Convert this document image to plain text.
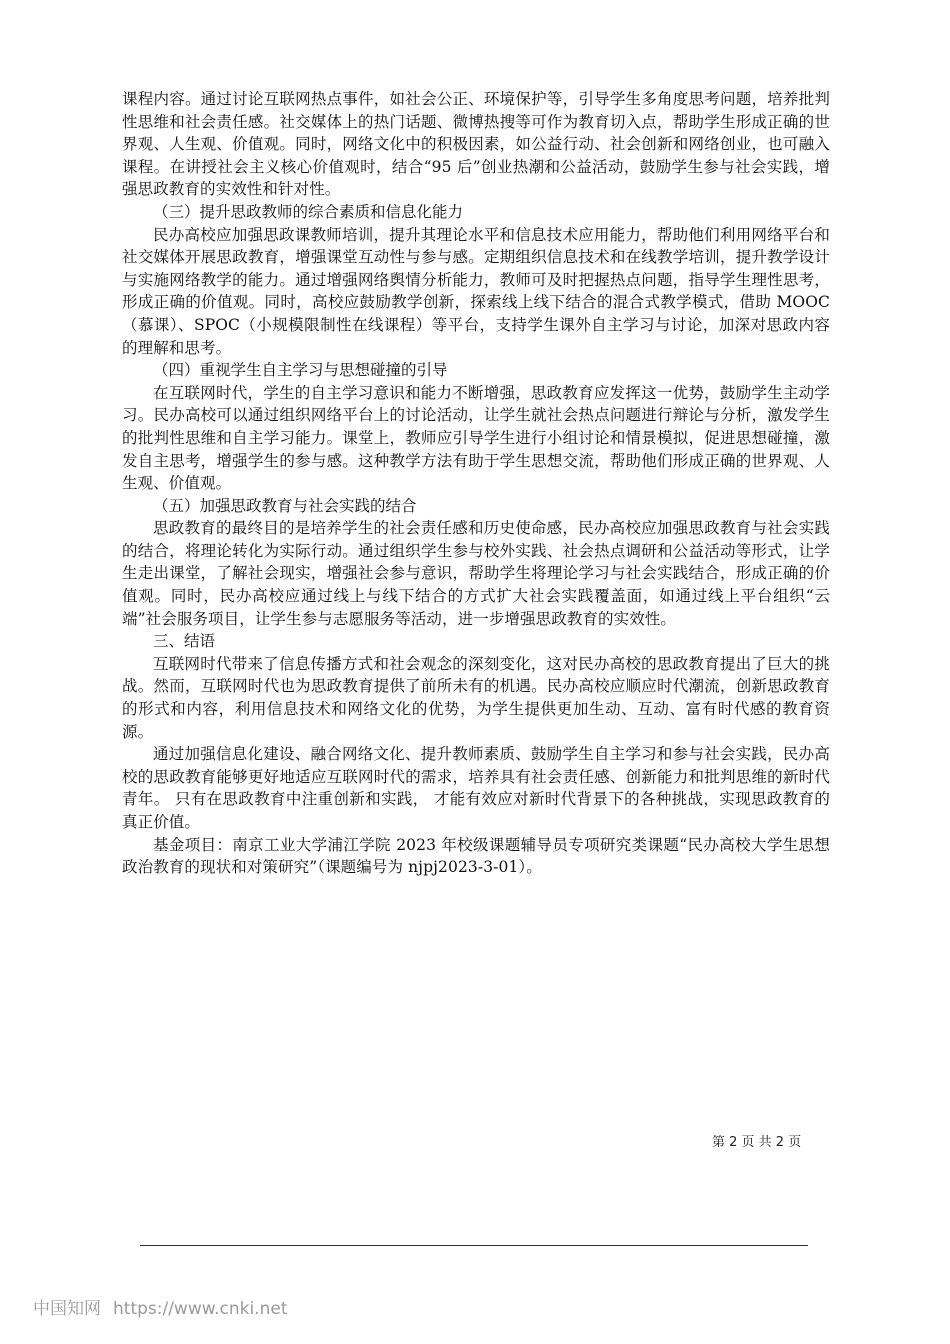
课程内容。通过讨论互联网热点事件，如社会公正、环境保护等，引导学生多角度思考问题，培养批判性思维和社会责任感。社交媒体上的热门话题、微博热搜等可作为教育切入点，帮助学生形成正确的世界观、人生观、价值观。同时，网络文化中的积极因素，如公益行动、社会创新和网络创业，也可融入课程。在讲授社会主义核心价值观时，结合“95 后”创业热潮和公益活动，鼓励学生参与社会实践，增强思政教育的实效性和针对性。

（三）提升思政教师的综合素质和信息化能力

民办高校应加强思政课教师培训，提升其理论水平和信息技术应用能力，帮助他们利用网络平台和社交媒体开展思政教育，增强课堂互动性与参与感。定期组织信息技术和在线教学培训，提升教学设计与实施网络教学的能力。通过增强网络舆情分析能力，教师可及时把握热点问题，指导学生理性思考，形成正确的价值观。同时，高校应鼓励教学创新，探索线上线下结合的混合式教学模式，借助 MOOC（慕课）、SPOC（小规模限制性在线课程）等平台，支持学生课外自主学习与讨论，加深对思政内容的理解和思考。

（四）重视学生自主学习与思想碰撞的引导

在互联网时代，学生的自主学习意识和能力不断增强，思政教育应发挥这一优势，鼓励学生主动学习。民办高校可以通过组织网络平台上的讨论活动，让学生就社会热点问题进行辩论与分析，激发学生的批判性思维和自主学习能力。课堂上，教师应引导学生进行小组讨论和情景模拟，促进思想碰撞，激发自主思考，增强学生的参与感。这种教学方法有助于学生思想交流，帮助他们形成正确的世界观、人生观、价值观。

（五）加强思政教育与社会实践的结合

思政教育的最终目的是培养学生的社会责任感和历史使命感，民办高校应加强思政教育与社会实践的结合，将理论转化为实际行动。通过组织学生参与校外实践、社会热点调研和公益活动等形式，让学生走出课堂，了解社会现实，增强社会参与意识，帮助学生将理论学习与社会实践结合，形成正确的价值观。同时，民办高校应通过线上与线下结合的方式扩大社会实践覆盖面，如通过线上平台组织“云端”社会服务项目，让学生参与志愿服务等活动，进一步增强思政教育的实效性。

三、结语

互联网时代带来了信息传播方式和社会观念的深刻变化，这对民办高校的思政教育提出了巨大的挑战。然而，互联网时代也为思政教育提供了前所未有的机遇。民办高校应顺应时代潮流，创新思政教育的形式和内容，利用信息技术和网络文化的优势，为学生提供更加生动、互动、富有时代感的教育资源。

通过加强信息化建设、融合网络文化、提升教师素质、鼓励学生自主学习和参与社会实践，民办高校的思政教育能够更好地适应互联网时代的需求，培养具有社会责任感、创新能力和批判思维的新时代青年。 只有在思政教育中注重创新和实践， 才能有效应对新时代背景下的各种挑战，实现思政教育的真正价值。

基金项目：南京工业大学浦江学院 2023 年校级课题辅导员专项研究类课题“民办高校大学生思想政治教育的现状和对策研究”（课题编号为 njpj2023-3-01）。

第 2 页 共 2 页
中国知网 https://www.cnki.net
